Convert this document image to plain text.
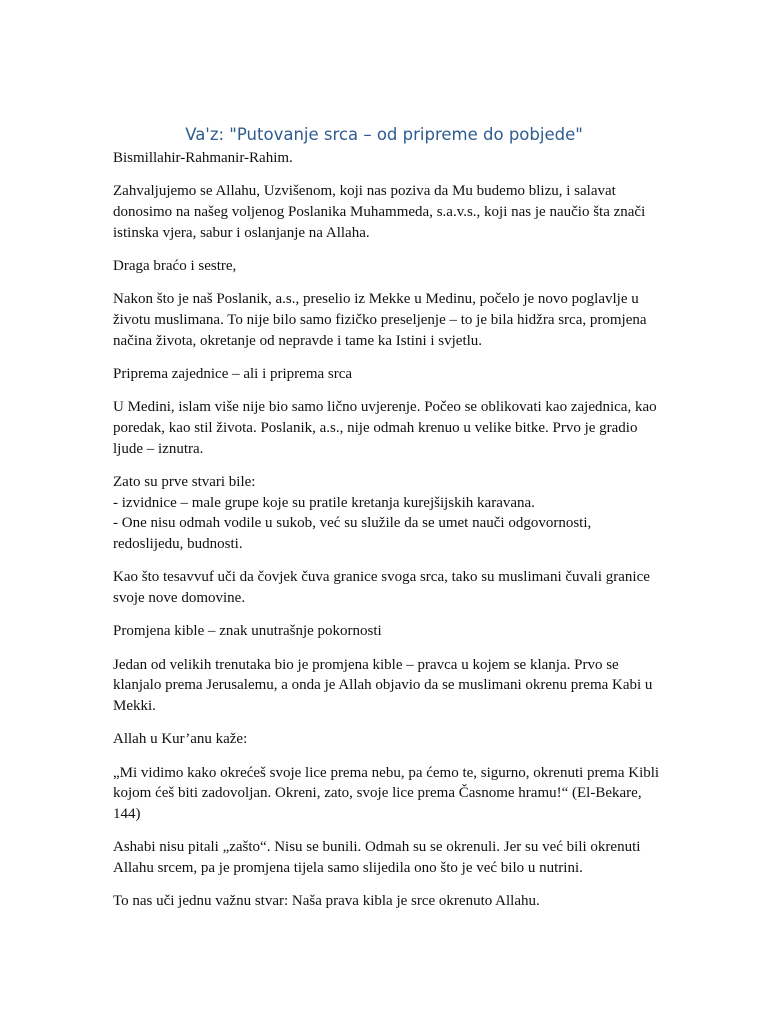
Va'z: "Putovanje srca – od pripreme do pobjede"

Bismillahir-Rahmanir-Rahim.

Zahvaljujemo se Allahu, Uzvišenom, koji nas poziva da Mu budemo blizu, i salavat donosimo na našeg voljenog Poslanika Muhammeda, s.a.v.s., koji nas je naučio šta znači istinska vjera, sabur i oslanjanje na Allaha.

Draga braćo i sestre,

Nakon što je naš Poslanik, a.s., preselio iz Mekke u Medinu, počelo je novo poglavlje u životu muslimana. To nije bilo samo fizičko preseljenje – to je bila hidžra srca, promjena načina života, okretanje od nepravde i tame ka Istini i svjetlu.

Priprema zajednice – ali i priprema srca

U Medini, islam više nije bio samo lično uvjerenje. Počeo se oblikovati kao zajednica, kao poredak, kao stil života. Poslanik, a.s., nije odmah krenuo u velike bitke. Prvo je gradio ljude – iznutra.

Zato su prve stvari bile:
- izvidnice – male grupe koje su pratile kretanja kurejšijskih karavana.
- One nisu odmah vodile u sukob, već su služile da se umet nauči odgovornosti, redoslijedu, budnosti.

Kao što tesavvuf uči da čovjek čuva granice svoga srca, tako su muslimani čuvali granice svoje nove domovine.

Promjena kible – znak unutrašnje pokornosti

Jedan od velikih trenutaka bio je promjena kible – pravca u kojem se klanja. Prvo se klanjalo prema Jerusalemu, a onda je Allah objavio da se muslimani okrenu prema Kabi u Mekki.

Allah u Kur’anu kaže:

„Mi vidimo kako okrećeš svoje lice prema nebu, pa ćemo te, sigurno, okrenuti prema Kibli kojom ćeš biti zadovoljan. Okreni, zato, svoje lice prema Časnome hramu!“ (El-Bekare, 144)

Ashabi nisu pitali „zašto“. Nisu se bunili. Odmah su se okrenuli. Jer su već bili okrenuti Allahu srcem, pa je promjena tijela samo slijedila ono što je već bilo u nutrini.

To nas uči jednu važnu stvar: Naša prava kibla je srce okrenuto Allahu.
